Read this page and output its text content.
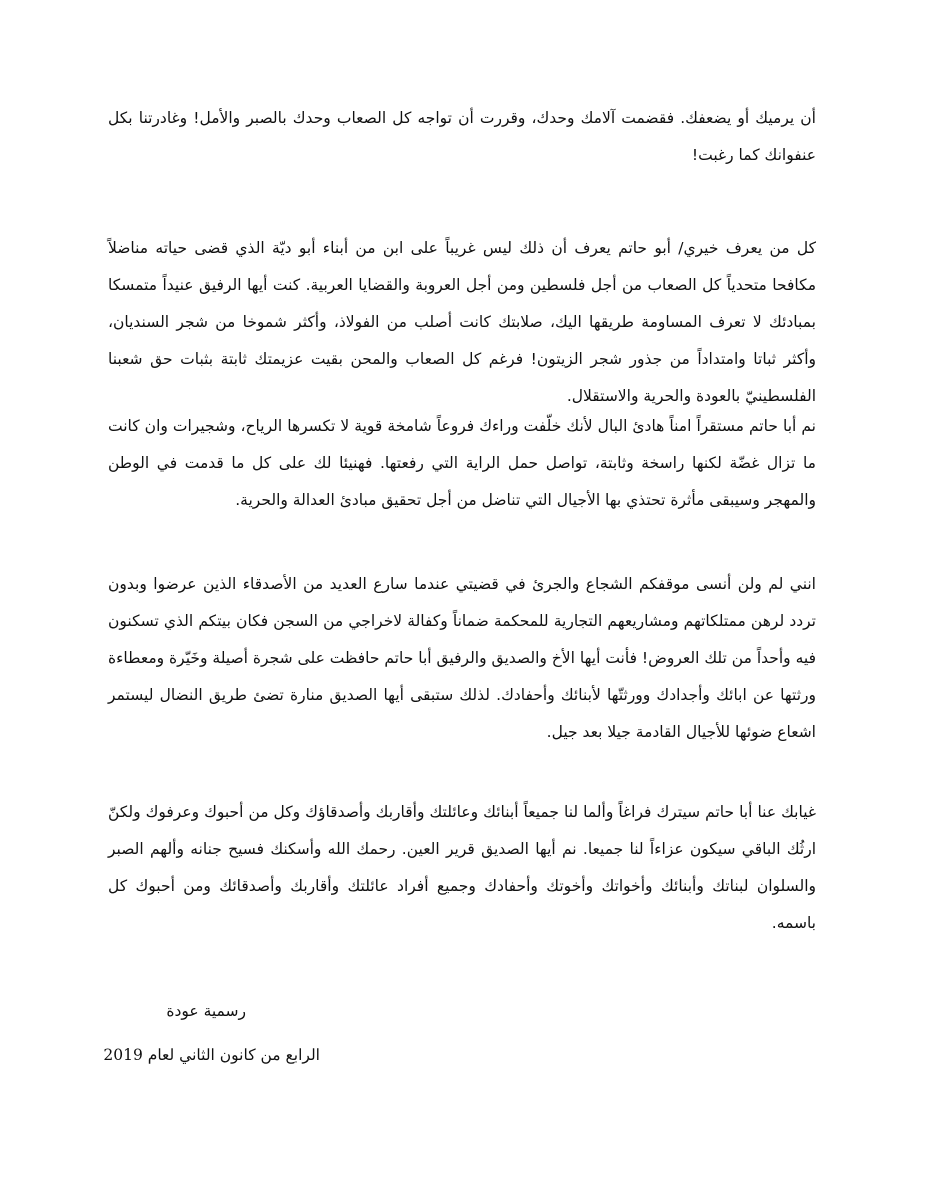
أن يرميك أو يضعفك. فقضمت آلامك وحدك، وقررت أن تواجه كل الصعاب وحدك بالصبر والأمل! وغادرتنا بكل عنفوانك كما رغبت!

كل من يعرف خيري/ أبو حاتم يعرف أن ذلك ليس غريباً على ابن من أبناء أبو ديّة الذي قضى حياته مناضلاً مكافحا متحدياً كل الصعاب من أجل فلسطين ومن أجل العروبة والقضايا العربية. كنت أيها الرفيق عنيداً متمسكا بمبادئك لا تعرف المساومة طريقها اليك، صلابتك كانت أصلب من الفولاذ، وأكثر شموخا من شجر السنديان، وأكثر ثباتا وامتداداً من جذور شجر الزيتون! فرغم كل الصعاب والمحن بقيت عزيمتك ثابتة بثبات حق شعبنا الفلسطينيّ بالعودة والحرية والاستقلال.

نم أبا حاتم مستقراً امناً هادئ البال لأنك خلّفت وراءك فروعاً شامخة قوية لا تكسرها الرياح، وشجيرات وان كانت ما تزال غضّة لكنها راسخة وثابتة، تواصل حمل الراية التي رفعتها. فهنيئا لك على كل ما قدمت في الوطن والمهجر وسيبقى مأثرة تحتذي بها الأجيال التي تناضل من أجل تحقيق مبادئ العدالة والحرية.

انني لم ولن أنسى موقفكم الشجاع والجرئ في قضيتي عندما سارع العديد من الأصدقاء الذين عرضوا وبدون تردد لرهن ممتلكاتهم ومشاريعهم التجارية للمحكمة ضماناً وكفالة لاخراجي من السجن فكان بيتكم الذي تسكنون فيه وأحداً من تلك العروض! فأنت أيها الأخ والصديق والرفيق أبا حاتم حافظت على شجرة أصيلة وخَيّرة ومعطاءة ورثتها عن ابائك وأجدادك وورثتّها لأبنائك وأحفادك. لذلك ستبقى أيها الصديق منارة تضئ طريق النضال ليستمر اشعاع ضوئها للأجيال القادمة جيلا بعد جيل.

غيابك عنا أبا حاتم سيترك فراغاً وألما لنا جميعاً أبنائك وعائلتك وأقاربك وأصدقاؤك وكل من أحبوك وعرفوك ولكنّ ارثُك الباقي سيكون عزاءاً لنا جميعا. نم أيها الصديق قرير العين. رحمك الله وأسكنك فسيح جنانه وألهم الصبر والسلوان لبناتك وأبنائك وأخواتك وأخوتك وأحفادك وجميع أفراد عائلتك وأقاربك وأصدقائك ومن أحبوك كل باسمه.

رسمية عودة

الرابع من كانون الثاني لعام 2019
